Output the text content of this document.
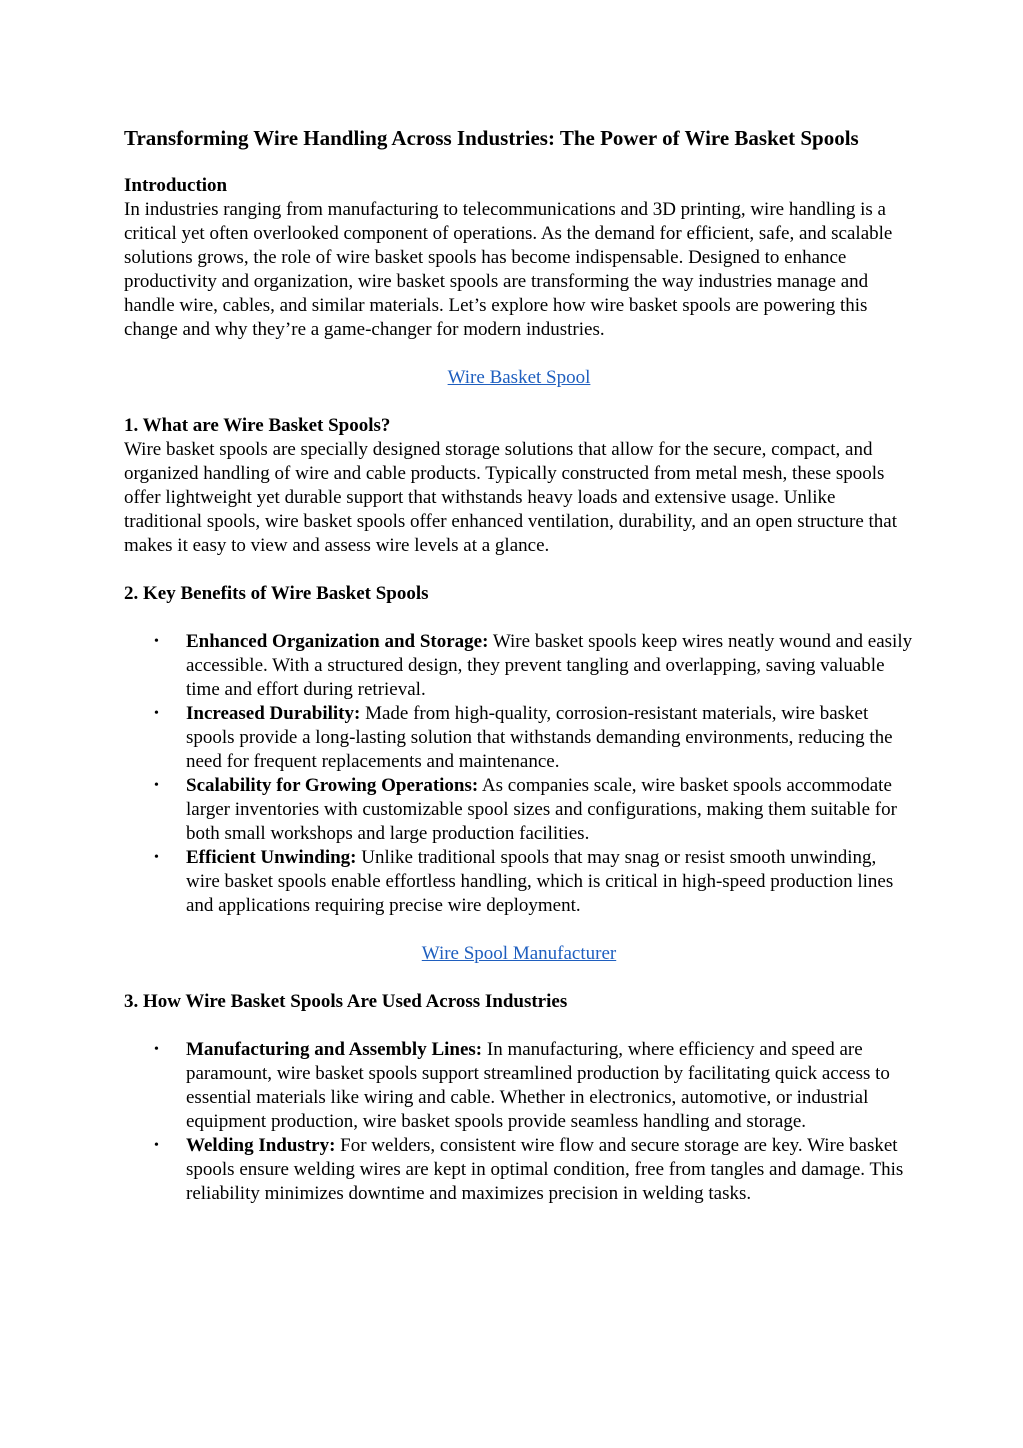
Transforming Wire Handling Across Industries: The Power of Wire Basket Spools

Introduction

In industries ranging from manufacturing to telecommunications and 3D printing, wire handling is a critical yet often overlooked component of operations. As the demand for efficient, safe, and scalable solutions grows, the role of wire basket spools has become indispensable. Designed to enhance productivity and organization, wire basket spools are transforming the way industries manage and handle wire, cables, and similar materials. Let’s explore how wire basket spools are powering this change and why they’re a game-changer for modern industries.

Wire Basket Spool

1. What are Wire Basket Spools?

Wire basket spools are specially designed storage solutions that allow for the secure, compact, and organized handling of wire and cable products. Typically constructed from metal mesh, these spools offer lightweight yet durable support that withstands heavy loads and extensive usage. Unlike traditional spools, wire basket spools offer enhanced ventilation, durability, and an open structure that makes it easy to view and assess wire levels at a glance.

2. Key Benefits of Wire Basket Spools

• Enhanced Organization and Storage: Wire basket spools keep wires neatly wound and easily accessible. With a structured design, they prevent tangling and overlapping, saving valuable time and effort during retrieval.
• Increased Durability: Made from high-quality, corrosion-resistant materials, wire basket spools provide a long-lasting solution that withstands demanding environments, reducing the need for frequent replacements and maintenance.
• Scalability for Growing Operations: As companies scale, wire basket spools accommodate larger inventories with customizable spool sizes and configurations, making them suitable for both small workshops and large production facilities.
• Efficient Unwinding: Unlike traditional spools that may snag or resist smooth unwinding, wire basket spools enable effortless handling, which is critical in high-speed production lines and applications requiring precise wire deployment.
Wire Spool Manufacturer

3. How Wire Basket Spools Are Used Across Industries

• Manufacturing and Assembly Lines: In manufacturing, where efficiency and speed are paramount, wire basket spools support streamlined production by facilitating quick access to essential materials like wiring and cable. Whether in electronics, automotive, or industrial equipment production, wire basket spools provide seamless handling and storage.
• Welding Industry: For welders, consistent wire flow and secure storage are key. Wire basket spools ensure welding wires are kept in optimal condition, free from tangles and damage. This reliability minimizes downtime and maximizes precision in welding tasks.
